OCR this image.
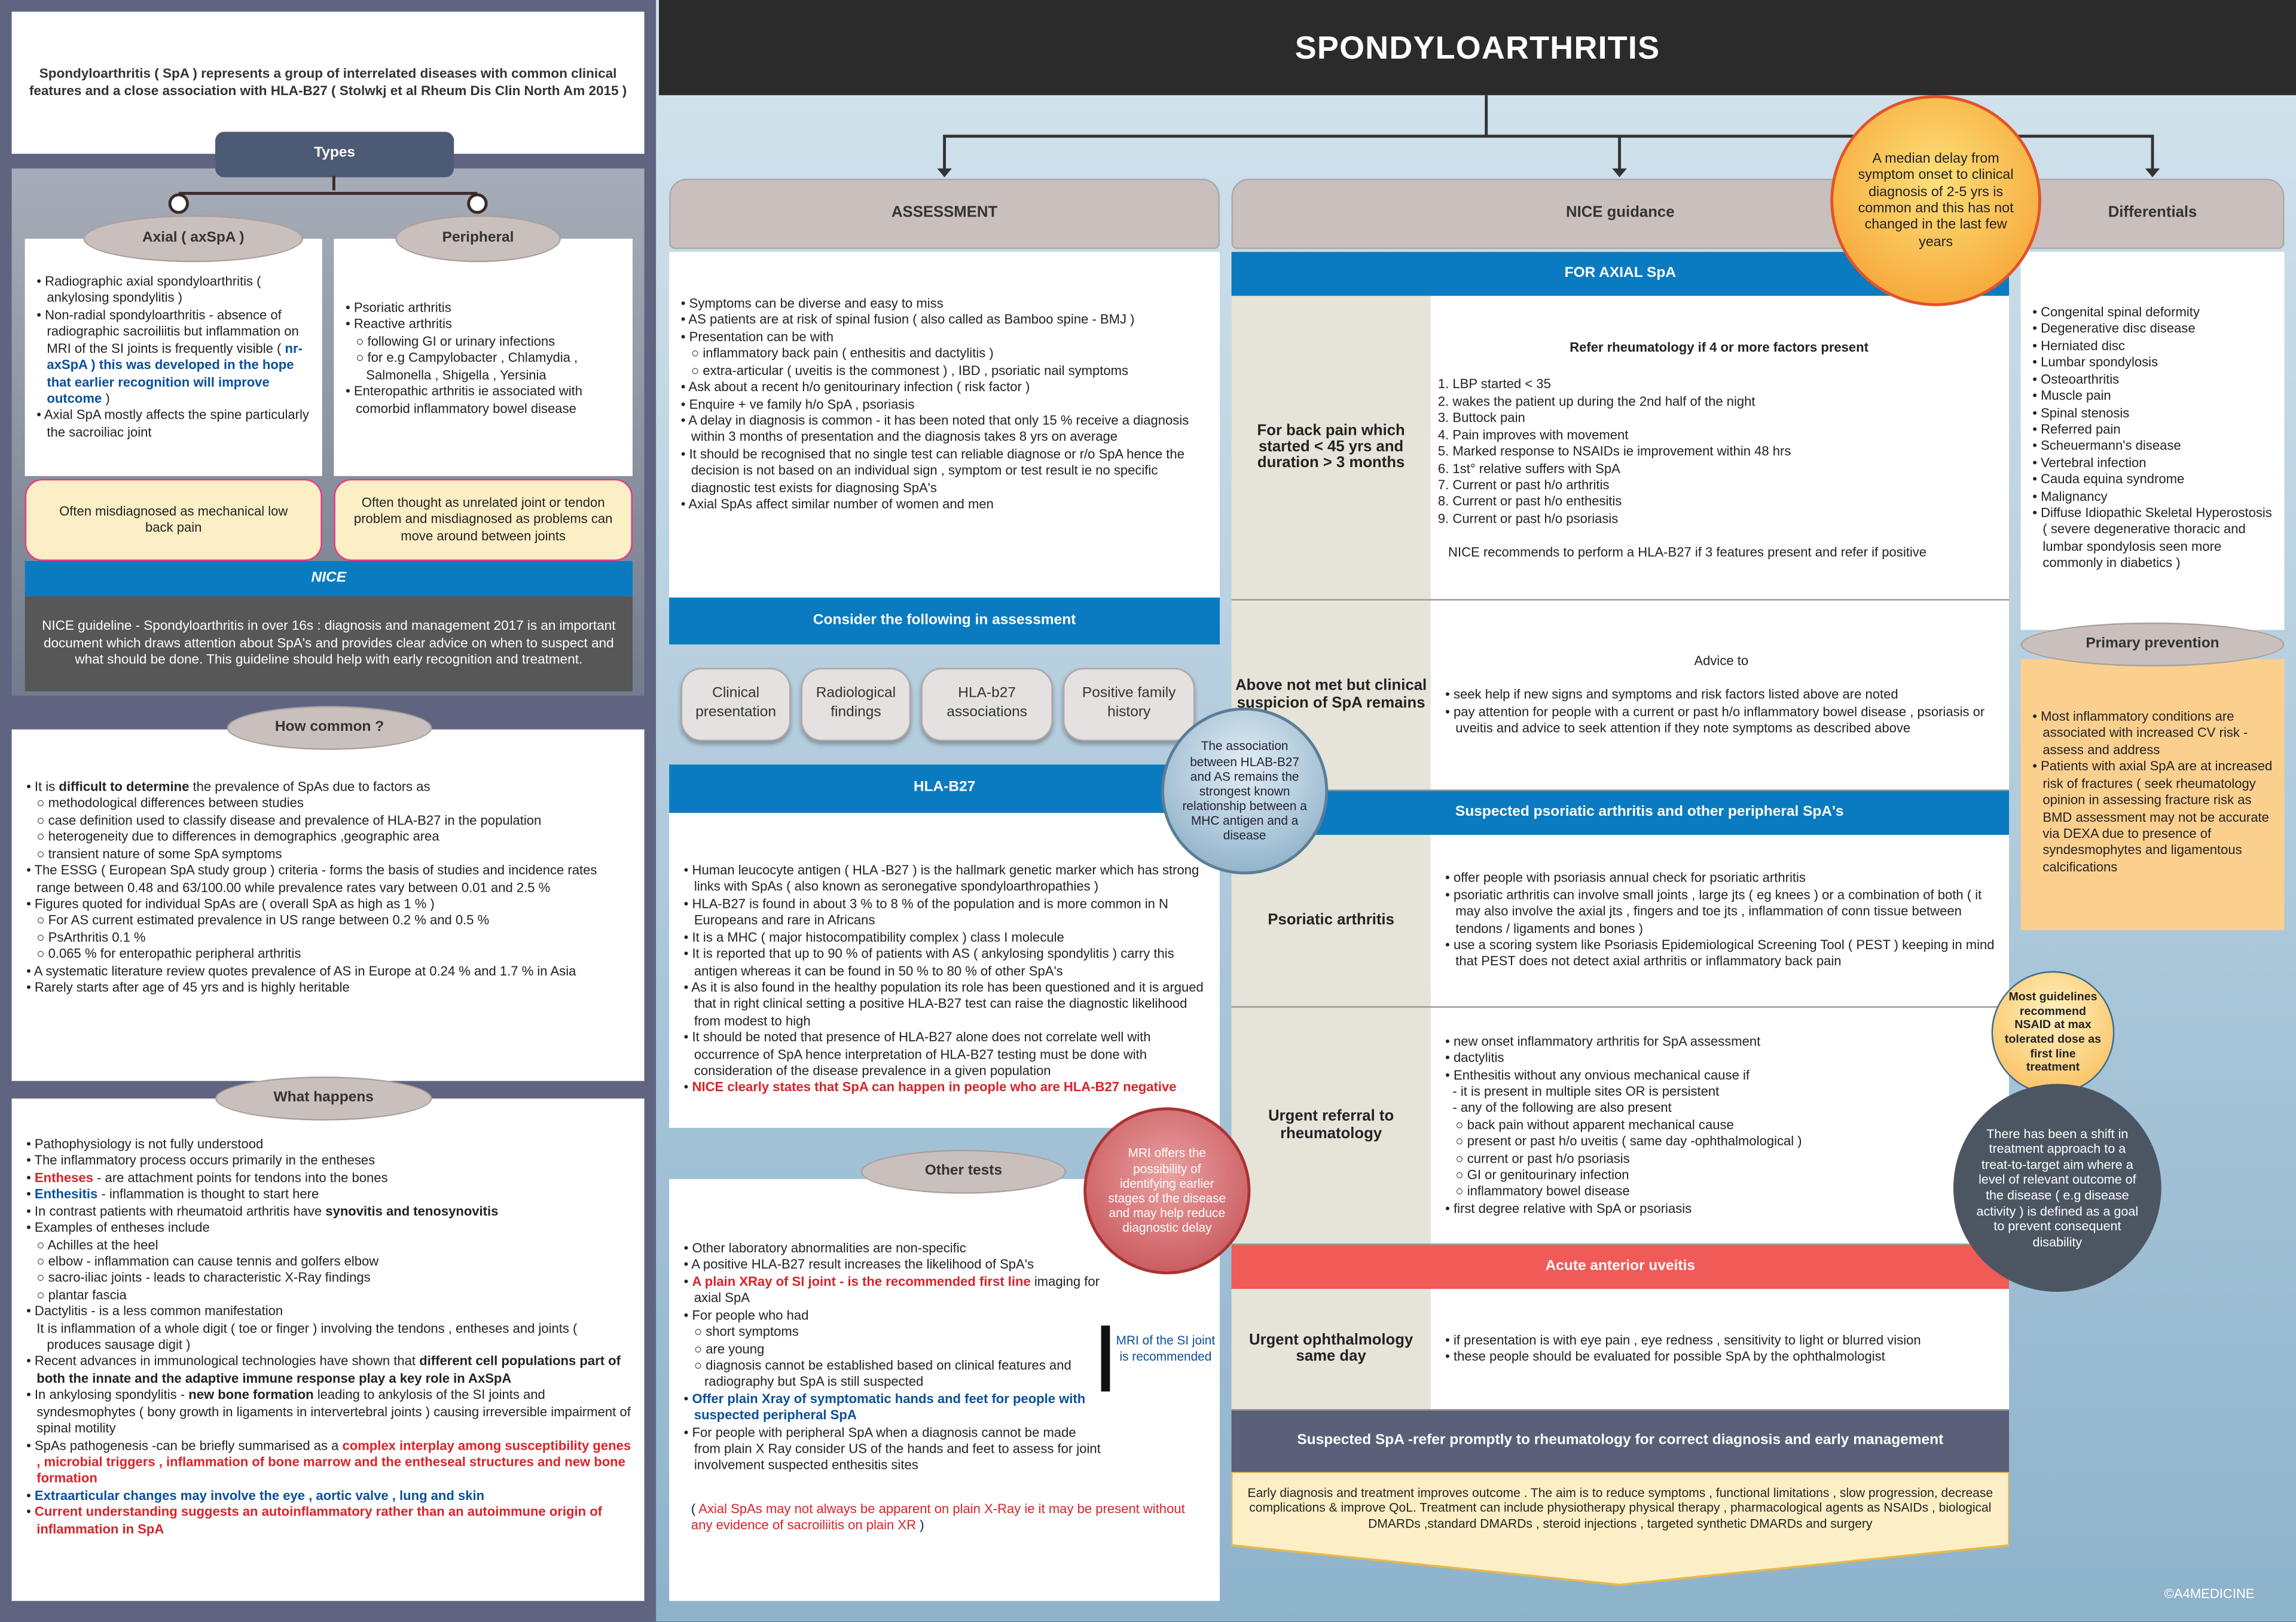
Spondyloarthritis ( SpA ) represents a group of interrelated diseases with common clinical features and a close association with HLA-B27 ( Stolwkj et al Rheum Dis Clin North Am 2015 )
Types
• Radiographic axial spondyloarthritis ( ankylosing spondylitis )
• Non-radial spondyloarthritis - absence of radiographic sacroiliitis but inflammation on MRI of the SI joints is frequently visible ( nr-axSpA ) this was developed in the hope that earlier recognition will improve outcome )
• Axial SpA mostly affects the spine particularly the sacroiliac joint
Axial ( axSpA )
• Psoriatic arthritis
• Reactive arthritis
○ following GI or urinary infections
○ for e.g Campylobacter , Chlamydia , Salmonella , Shigella , Yersinia
• Enteropathic arthritis ie associated with comorbid inflammatory bowel disease
Peripheral
Often misdiagnosed as mechanical low back pain
Often thought as unrelated joint or tendon problem and misdiagnosed as problems can move around between joints
NICE
NICE guideline - Spondyloarthritis in over 16s : diagnosis and management 2017 is an important document which draws attention about SpA's and provides clear advice on when to suspect and what should be done. This guideline should help with early recognition and treatment.
• It is difficult to determine the prevalence of SpAs due to factors as
○ methodological differences between studies
○ case definition used to classify disease and prevalence of HLA-B27 in the population
○ heterogeneity due to differences in demographics ,geographic area
○ transient nature of some SpA symptoms
• The ESSG ( European SpA study group ) criteria - forms the basis of studies and incidence rates range between 0.48 and 63/100.00 while prevalence rates vary between 0.01 and 2.5 %
• Figures quoted for individual SpAs are ( overall SpA as high as 1 % )
○ For AS current estimated prevalence in US range between 0.2 % and 0.5 %
○ PsArthritis 0.1 %
○ 0.065 % for enteropathic peripheral arthritis
• A systematic literature review quotes prevalence of AS in Europe at 0.24 % and 1.7 % in Asia
• Rarely starts after age of 45 yrs and is highly heritable
How common ?
• Pathophysiology is not fully understood
• The inflammatory process occurs primarily in the entheses
• Entheses - are attachment points for tendons into the bones
• Enthesitis - inflammation is thought to start here
• In contrast patients with rheumatoid arthritis have synovitis and tenosynovitis
• Examples of entheses include
○ Achilles at the heel
○ elbow - inflammation can cause tennis and golfers elbow
○ sacro-iliac joints - leads to characteristic X-Ray findings
○ plantar fascia
• Dactylitis - is a less common manifestation
It is inflammation of a whole digit ( toe or finger ) involving the tendons , entheses and joints ( produces sausage digit )
• Recent advances in immunological technologies have shown that different cell populations part of both the innate and the adaptive immune response play a key role in AxSpA
• In ankylosing spondylitis - new bone formation leading to ankylosis of the SI joints and syndesmophytes ( bony growth in ligaments in intervertebral joints ) causing irreversible impairment of spinal motility
• SpAs pathogenesis -can be briefly summarised as a complex interplay among susceptibility genes , microbial triggers , inflammation of bone marrow and the entheseal structures and new bone formation
• Extraarticular changes may involve the eye , aortic valve , lung and skin
• Current understanding suggests an autoinflammatory rather than an autoimmune origin of inflammation in SpA
What happens
SPONDYLOARTHRITIS
ASSESSMENT
• Symptoms can be diverse and easy to miss
• AS patients are at risk of spinal fusion ( also called as Bamboo spine - BMJ )
• Presentation can be with
○ inflammatory back pain ( enthesitis and dactylitis )
○ extra-articular ( uveitis is the commonest ) , IBD , psoriatic nail symptoms
• Ask about a recent h/o genitourinary infection ( risk factor )
• Enquire + ve family h/o SpA , psoriasis
• A delay in diagnosis is common - it has been noted that only 15 % receive a diagnosis within 3 months of presentation and the diagnosis takes 8 yrs on average
• It should be recognised that no single test can reliable diagnose or r/o SpA hence the decision is not based on an individual sign , symptom or test result ie no specific diagnostic test exists for diagnosing SpA's
• Axial SpAs affect similar number of women and men
Consider the following in assessment
Clinical presentation
Radiological findings
HLA-b27 associations
Positive family history
HLA-B27
• Human leucocyte antigen ( HLA -B27 ) is the hallmark genetic marker which has strong links with SpAs ( also known as seronegative spondyloarthropathies )
• HLA-B27 is found in about 3 % to 8 % of the population and is more common in N Europeans and rare in Africans
• It is a MHC ( major histocompatibility complex ) class I molecule
• It is reported that up to 90 % of patients with AS ( ankylosing spondylitis ) carry this antigen whereas it can be found in 50 % to 80 % of other SpA's
• As it is also found in the healthy population its role has been questioned and it is argued that in right clinical setting a positive HLA-B27 test can raise the diagnostic likelihood from modest to high
• It should be noted that presence of HLA-B27 alone does not correlate well with occurrence of SpA hence interpretation of HLA-B27 testing must be done with consideration of the disease prevalence in a given population
• NICE clearly states that SpA can happen in people who are HLA-B27 negative
• Other laboratory abnormalities are non-specific
• A positive HLA-B27 result increases the likelihood of SpA's
• A plain XRay of SI joint - is the recommended first line imaging for axial SpA
• For people who had
○ short symptoms
○ are young
○ diagnosis cannot be established based on clinical features and radiography but SpA is still suspected
• Offer plain Xray of symptomatic hands and feet for people with suspected peripheral SpA
• For people with peripheral SpA when a diagnosis cannot be made from plain X Ray consider US of the hands and feet to assess for joint involvement suspected enthesitis sites
( Axial SpAs may not always be apparent on plain X-Ray ie it may be present without any evidence of sacroiliitis on plain XR )
MRI of the SI joint is recommended
Other tests
NICE guidance
FOR AXIAL SpA
For back pain which started < 45 yrs and duration > 3 months
Refer rheumatology if 4 or more factors present
1. LBP started < 35
2. wakes the patient up during the 2nd half of the night
3. Buttock pain
4. Pain improves with movement
5. Marked response to NSAIDs ie improvement within 48 hrs
6. 1st° relative suffers with SpA
7. Current or past h/o arthritis
8. Current or past h/o enthesitis
9. Current or past h/o psoriasis
NICE recommends to perform a HLA-B27 if 3 features present and refer if positive
Above not met but clinical suspicion of SpA remains
Advice to
• seek help if new signs and symptoms and risk factors listed above are noted
• pay attention for people with a current or past h/o inflammatory bowel disease , psoriasis or uveitis and advice to seek attention if they note symptoms as described above
Suspected psoriatic arthritis and other peripheral SpA's
Psoriatic arthritis
• offer people with psoriasis annual check for psoriatic arthritis
• psoriatic arthritis can involve small joints , large jts ( eg knees ) or a combination of both ( it may also involve the axial jts , fingers and toe jts , inflammation of conn tissue between tendons / ligaments and bones )
• use a scoring system like Psoriasis Epidemiological Screening Tool ( PEST ) keeping in mind that PEST does not detect axial arthritis or inflammatory back pain
Urgent referral to rheumatology
• new onset inflammatory arthritis for SpA assessment
• dactylitis
• Enthesitis without any onvious mechanical cause if
- it is present in multiple sites OR is persistent
- any of the following are also present
○ back pain without apparent mechanical cause
○ present or past h/o uveitis ( same day -ophthalmological )
○ current or past h/o psoriasis
○ GI or genitourinary infection
○ inflammatory bowel disease
• first degree relative with SpA or psoriasis
Acute anterior uveitis
Urgent ophthalmology same day
• if presentation is with eye pain , eye redness , sensitivity to light or blurred vision
• these people should be evaluated for possible SpA by the ophthalmologist
Suspected SpA -refer promptly to rheumatology for correct diagnosis and early management
Early diagnosis and treatment improves outcome . The aim is to reduce symptoms , functional limitations , slow progression, decrease complications & improve QoL. Treatment can include physiotherapy physical therapy , pharmacological agents as NSAIDs , biological DMARDs ,standard DMARDs , steroid injections , targeted synthetic DMARDs and surgery
Differentials
• Congenital spinal deformity
• Degenerative disc disease
• Herniated disc
• Lumbar spondylosis
• Osteoarthritis
• Muscle pain
• Spinal stenosis
• Referred pain
• Scheuermann's disease
• Vertebral infection
• Cauda equina syndrome
• Malignancy
• Diffuse Idiopathic Skeletal Hyperostosis ( severe degenerative thoracic and lumbar spondylosis seen more commonly in diabetics )
• Most inflammatory conditions are associated with increased CV risk - assess and address
• Patients with axial SpA are at increased risk of fractures ( seek rheumatology opinion in assessing fracture risk as BMD assessment may not be accurate via DEXA due to presence of syndesmophytes and ligamentous calcifications
Primary prevention
A median delay from symptom onset to clinical diagnosis of 2-5 yrs is common and this has not changed in the last few years
The association between HLAB-B27 and AS remains the strongest known relationship between a MHC antigen and a disease
MRI offers the possibility of identifying earlier stages of the disease and may help reduce diagnostic delay
Most guidelines recommend NSAID at max tolerated dose as first line treatment
There has been a shift in treatment approach to a treat-to-target aim where a level of relevant outcome of the disease ( e.g disease activity ) is defined as a goal to prevent consequent disability
©A4MEDICINE
